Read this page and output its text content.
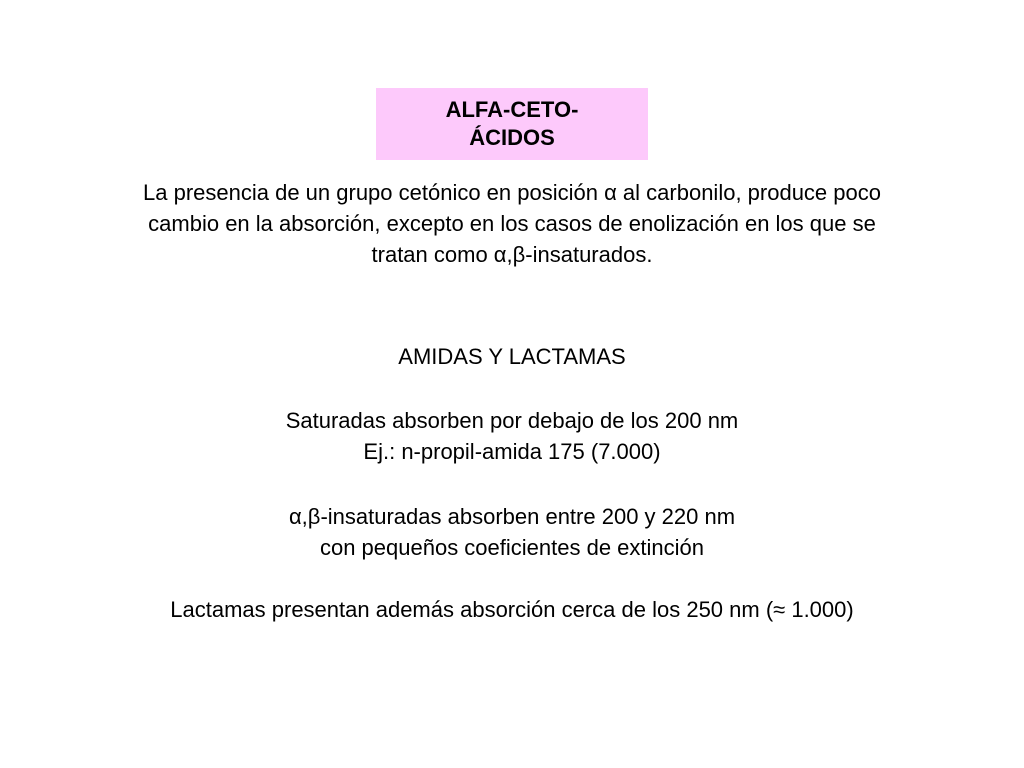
ALFA-CETO-
ÁCIDOS
La presencia de un grupo cetónico en posición α al carbonilo, produce poco
cambio en la absorción, excepto en los casos de enolización en los que se
tratan como α,β-insaturados.
AMIDAS Y LACTAMAS
Saturadas absorben por debajo de los 200 nm
Ej.: n-propil-amida 175 (7.000)
α,β-insaturadas absorben entre 200 y 220 nm
con pequeños coeficientes de extinción
Lactamas presentan además absorción cerca de los 250 nm (≈ 1.000)
